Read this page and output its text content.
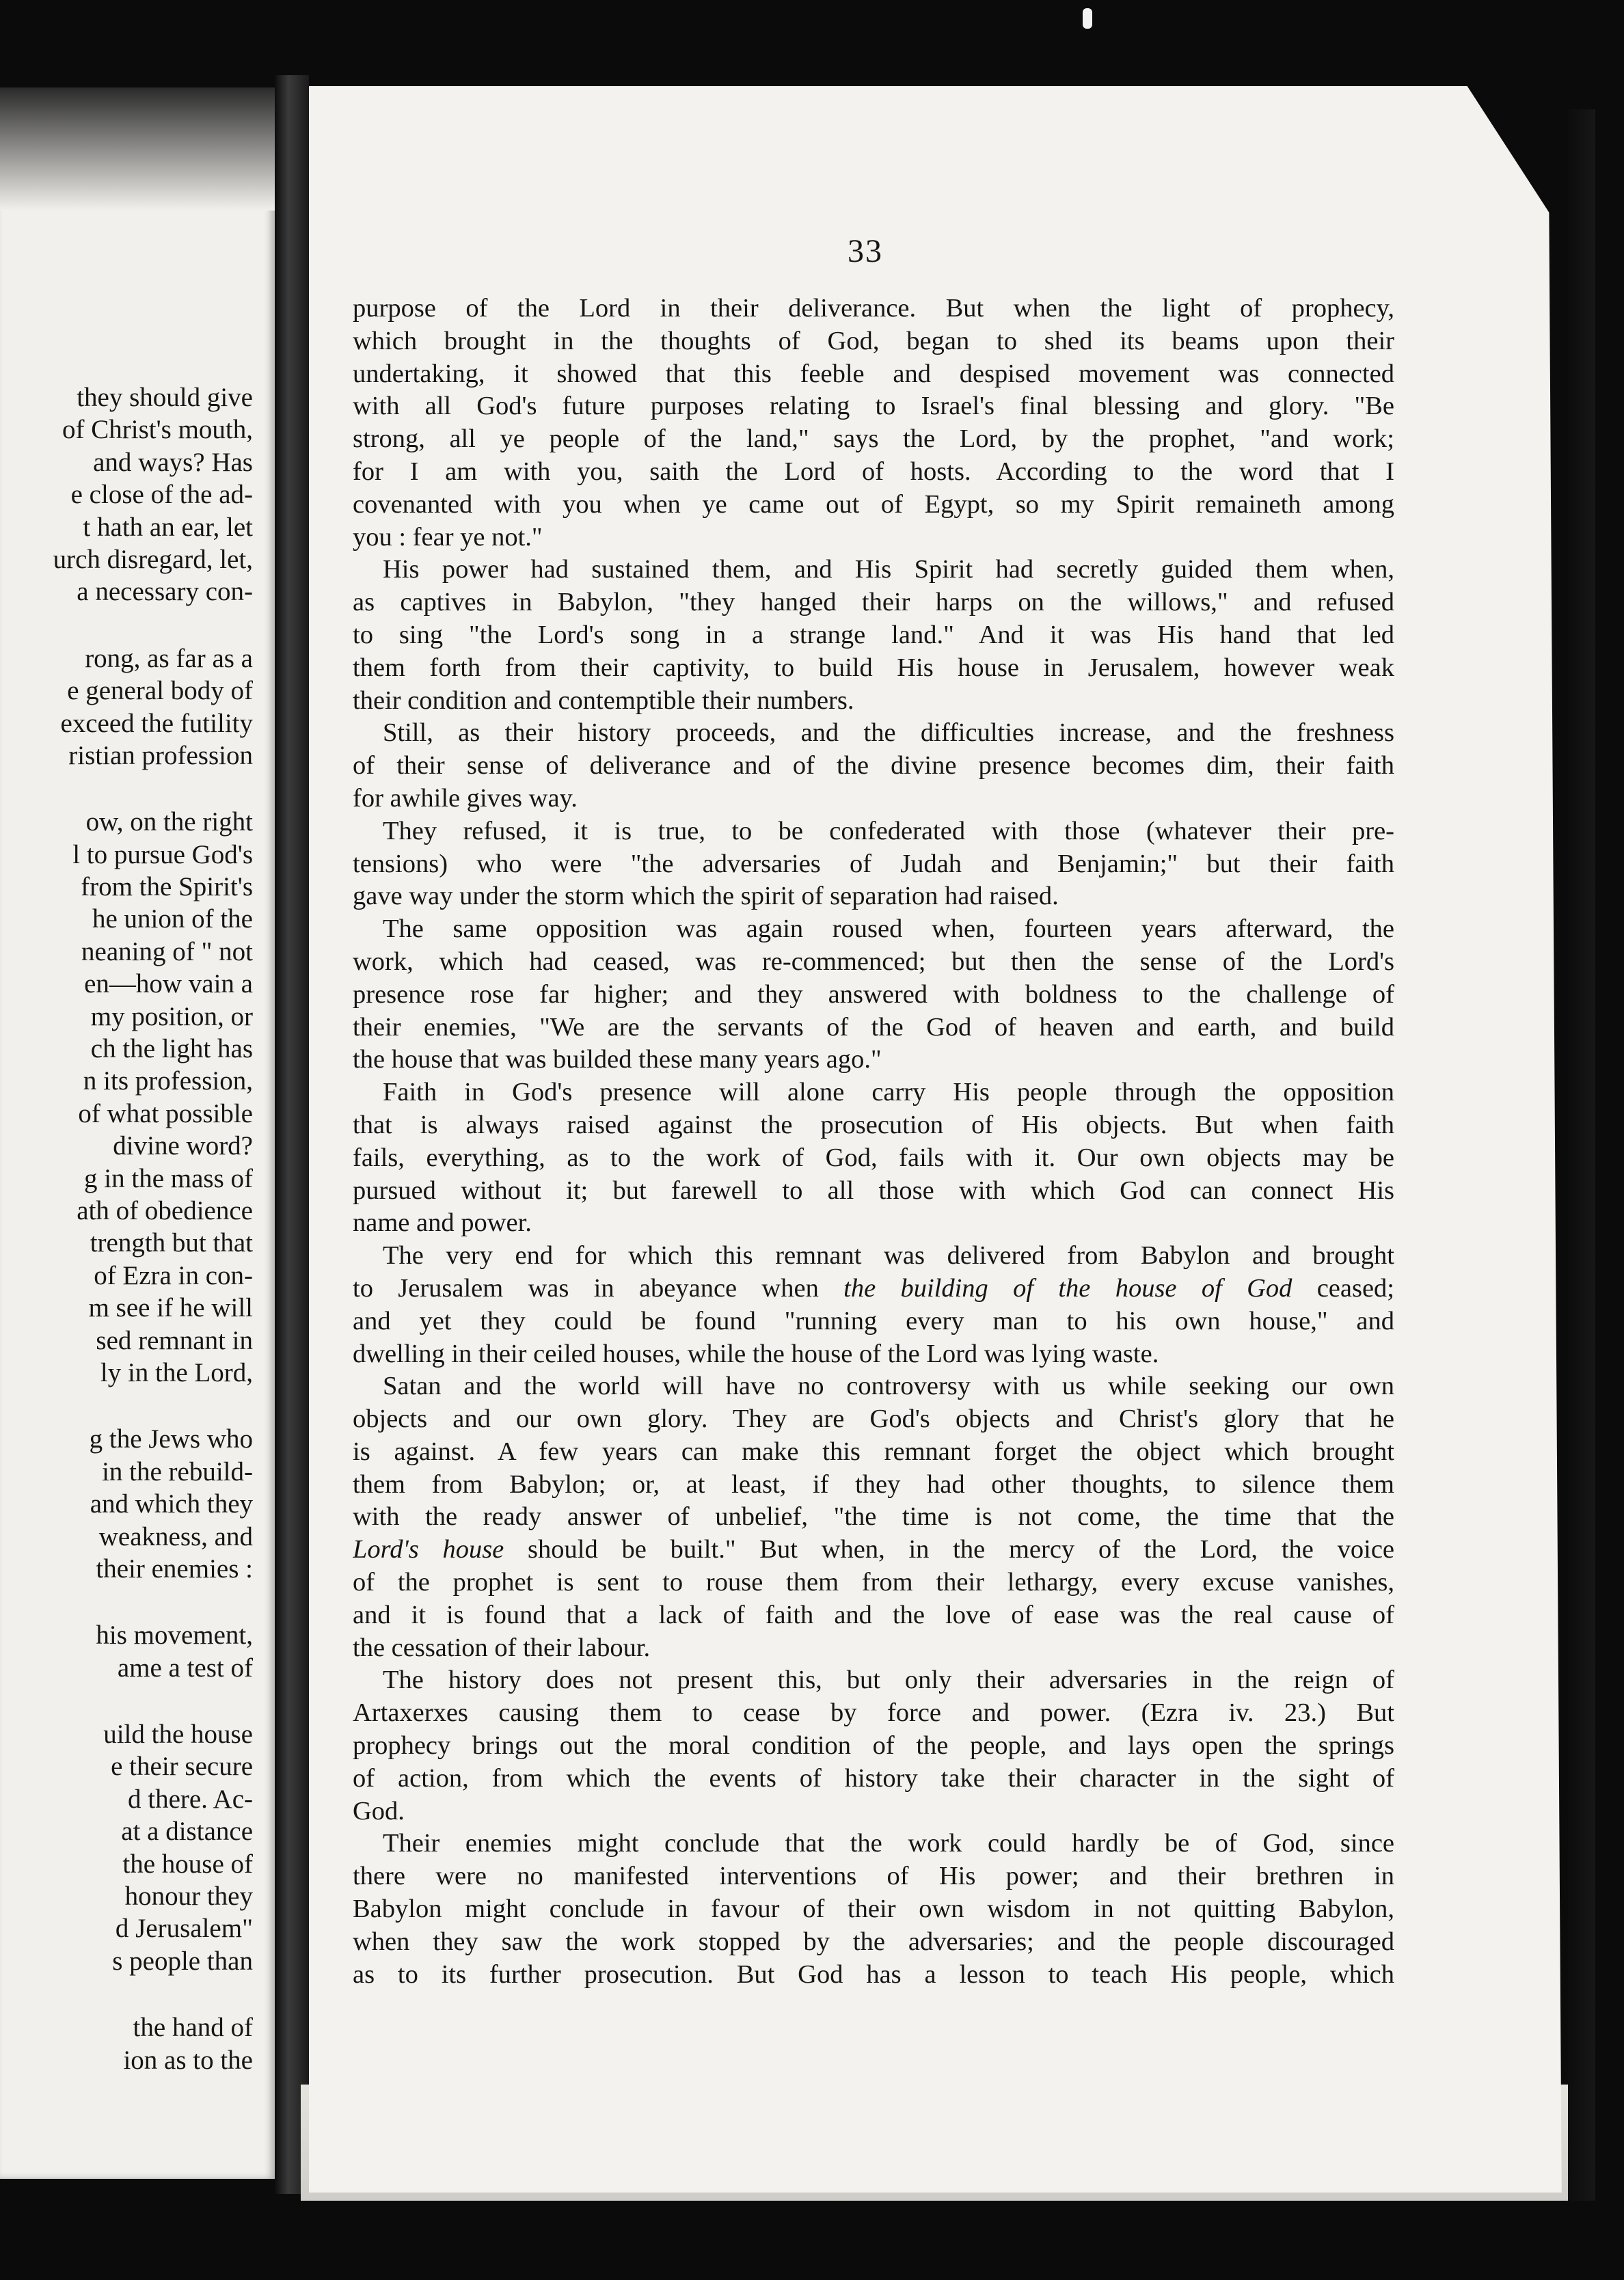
they should give
of Christ's mouth,
and ways? Has
e close of the ad-
t hath an ear, let
urch disregard, let,
a necessary con-
rong, as far as a
e general body of
exceed the futility
ristian profession
ow, on the right
l to pursue God's
from the Spirit's
he union of the
neaning of " not
en—how vain a
my position, or
ch the light has
n its profession,
of what possible
divine word?
g in the mass of
ath of obedience
trength but that
of Ezra in con-
m see if he will
sed remnant in
ly in the Lord,
g the Jews who
in the rebuild-
and which they
weakness, and
their enemies :
his movement,
ame a test of
uild the house
e their secure
d there. Ac-
at a distance
the house of
honour they
d Jerusalem"
s people than
the hand of
ion as to the
33
purpose of the Lord in their deliverance. But when the light of prophecy,
which brought in the thoughts of God, began to shed its beams upon their
undertaking, it showed that this feeble and despised movement was connected
with all God's future purposes relating to Israel's final blessing and glory. "Be
strong, all ye people of the land," says the Lord, by the prophet, "and work;
for I am with you, saith the Lord of hosts. According to the word that I
covenanted with you when ye came out of Egypt, so my Spirit remaineth among
you : fear ye not."
His power had sustained them, and His Spirit had secretly guided them when,
as captives in Babylon, "they hanged their harps on the willows," and refused
to sing "the Lord's song in a strange land." And it was His hand that led
them forth from their captivity, to build His house in Jerusalem, however weak
their condition and contemptible their numbers.
Still, as their history proceeds, and the difficulties increase, and the freshness
of their sense of deliverance and of the divine presence becomes dim, their faith
for awhile gives way.
They refused, it is true, to be confederated with those (whatever their pre-
tensions) who were "the adversaries of Judah and Benjamin;" but their faith
gave way under the storm which the spirit of separation had raised.
The same opposition was again roused when, fourteen years afterward, the
work, which had ceased, was re-commenced; but then the sense of the Lord's
presence rose far higher; and they answered with boldness to the challenge of
their enemies, "We are the servants of the God of heaven and earth, and build
the house that was builded these many years ago."
Faith in God's presence will alone carry His people through the opposition
that is always raised against the prosecution of His objects. But when faith
fails, everything, as to the work of God, fails with it. Our own objects may be
pursued without it; but farewell to all those with which God can connect His
name and power.
The very end for which this remnant was delivered from Babylon and brought
to Jerusalem was in abeyance when the building of the house of God ceased;
and yet they could be found "running every man to his own house," and
dwelling in their ceiled houses, while the house of the Lord was lying waste.
Satan and the world will have no controversy with us while seeking our own
objects and our own glory. They are God's objects and Christ's glory that he
is against. A few years can make this remnant forget the object which brought
them from Babylon; or, at least, if they had other thoughts, to silence them
with the ready answer of unbelief, "the time is not come, the time that the
Lord's house should be built." But when, in the mercy of the Lord, the voice
of the prophet is sent to rouse them from their lethargy, every excuse vanishes,
and it is found that a lack of faith and the love of ease was the real cause of
the cessation of their labour.
The history does not present this, but only their adversaries in the reign of
Artaxerxes causing them to cease by force and power. (Ezra iv. 23.) But
prophecy brings out the moral condition of the people, and lays open the springs
of action, from which the events of history take their character in the sight of
God.
Their enemies might conclude that the work could hardly be of God, since
there were no manifested interventions of His power; and their brethren in
Babylon might conclude in favour of their own wisdom in not quitting Babylon,
when they saw the work stopped by the adversaries; and the people discouraged
as to its further prosecution. But God has a lesson to teach His people, which
